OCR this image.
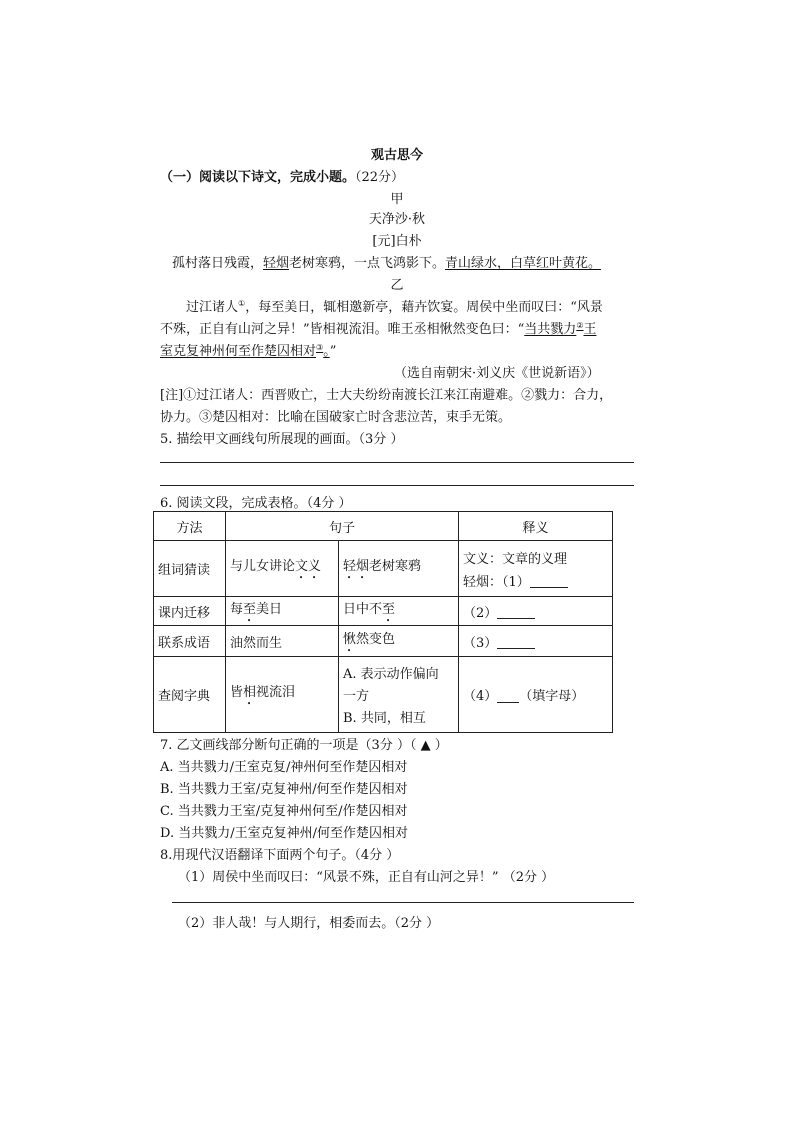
观古思今
（一）阅读以下诗文，完成小题。（22分）
甲
天净沙·秋
[元]白朴
孤村落日残霞，轻烟老树寒鸦，一点飞鸿影下。青山绿水，白草红叶黄花。
乙
过江诸人①，每至美日，辄相邀新亭，藉卉饮宴。周侯中坐而叹曰：“风景
不殊，正自有山河之异！”皆相视流泪。唯王丞相愀然变色曰：“当共戮力②王
室克复神州何至作楚囚相对③。”
（选自南朝宋·刘义庆《世说新语》）
[注]①过江诸人：西晋败亡，士大夫纷纷南渡长江来江南避难。②戮力：合力，
协力。③楚囚相对：比喻在国破家亡时含悲泣苦，束手无策。
5. 描绘甲文画线句所展现的画面。（3分 ）
6. 阅读文段，完成表格。（4分 ）
方法	句子		释义
组词猜读	与儿女讲论文义	轻烟老树寒鸦	文义：文章的义理
轻烟：（1）

课内迁移	每至美日	日中不至	（2）
联系成语	油然而生	愀然变色	（3）
查阅字典	皆相视流泪	A. 表示动作偏向
一方
B. 共同，相互	（4） （填字母）
7. 乙文画线部分断句正确的一项是（3分 ）（ ▲ ）
A. 当共戮力/王室克复/神州何至作楚囚相对
B. 当共戮力王室/克复神州/何至作楚囚相对
C. 当共戮力王室/克复神州何至/作楚囚相对
D. 当共戮力/王室克复神州/何至作楚囚相对
8.用现代汉语翻译下面两个句子。（4分 ）
（1）周侯中坐而叹曰：“风景不殊，正自有山河之异！” （2分 ）
（2）非人哉！与人期行，相委而去。（2分 ）
